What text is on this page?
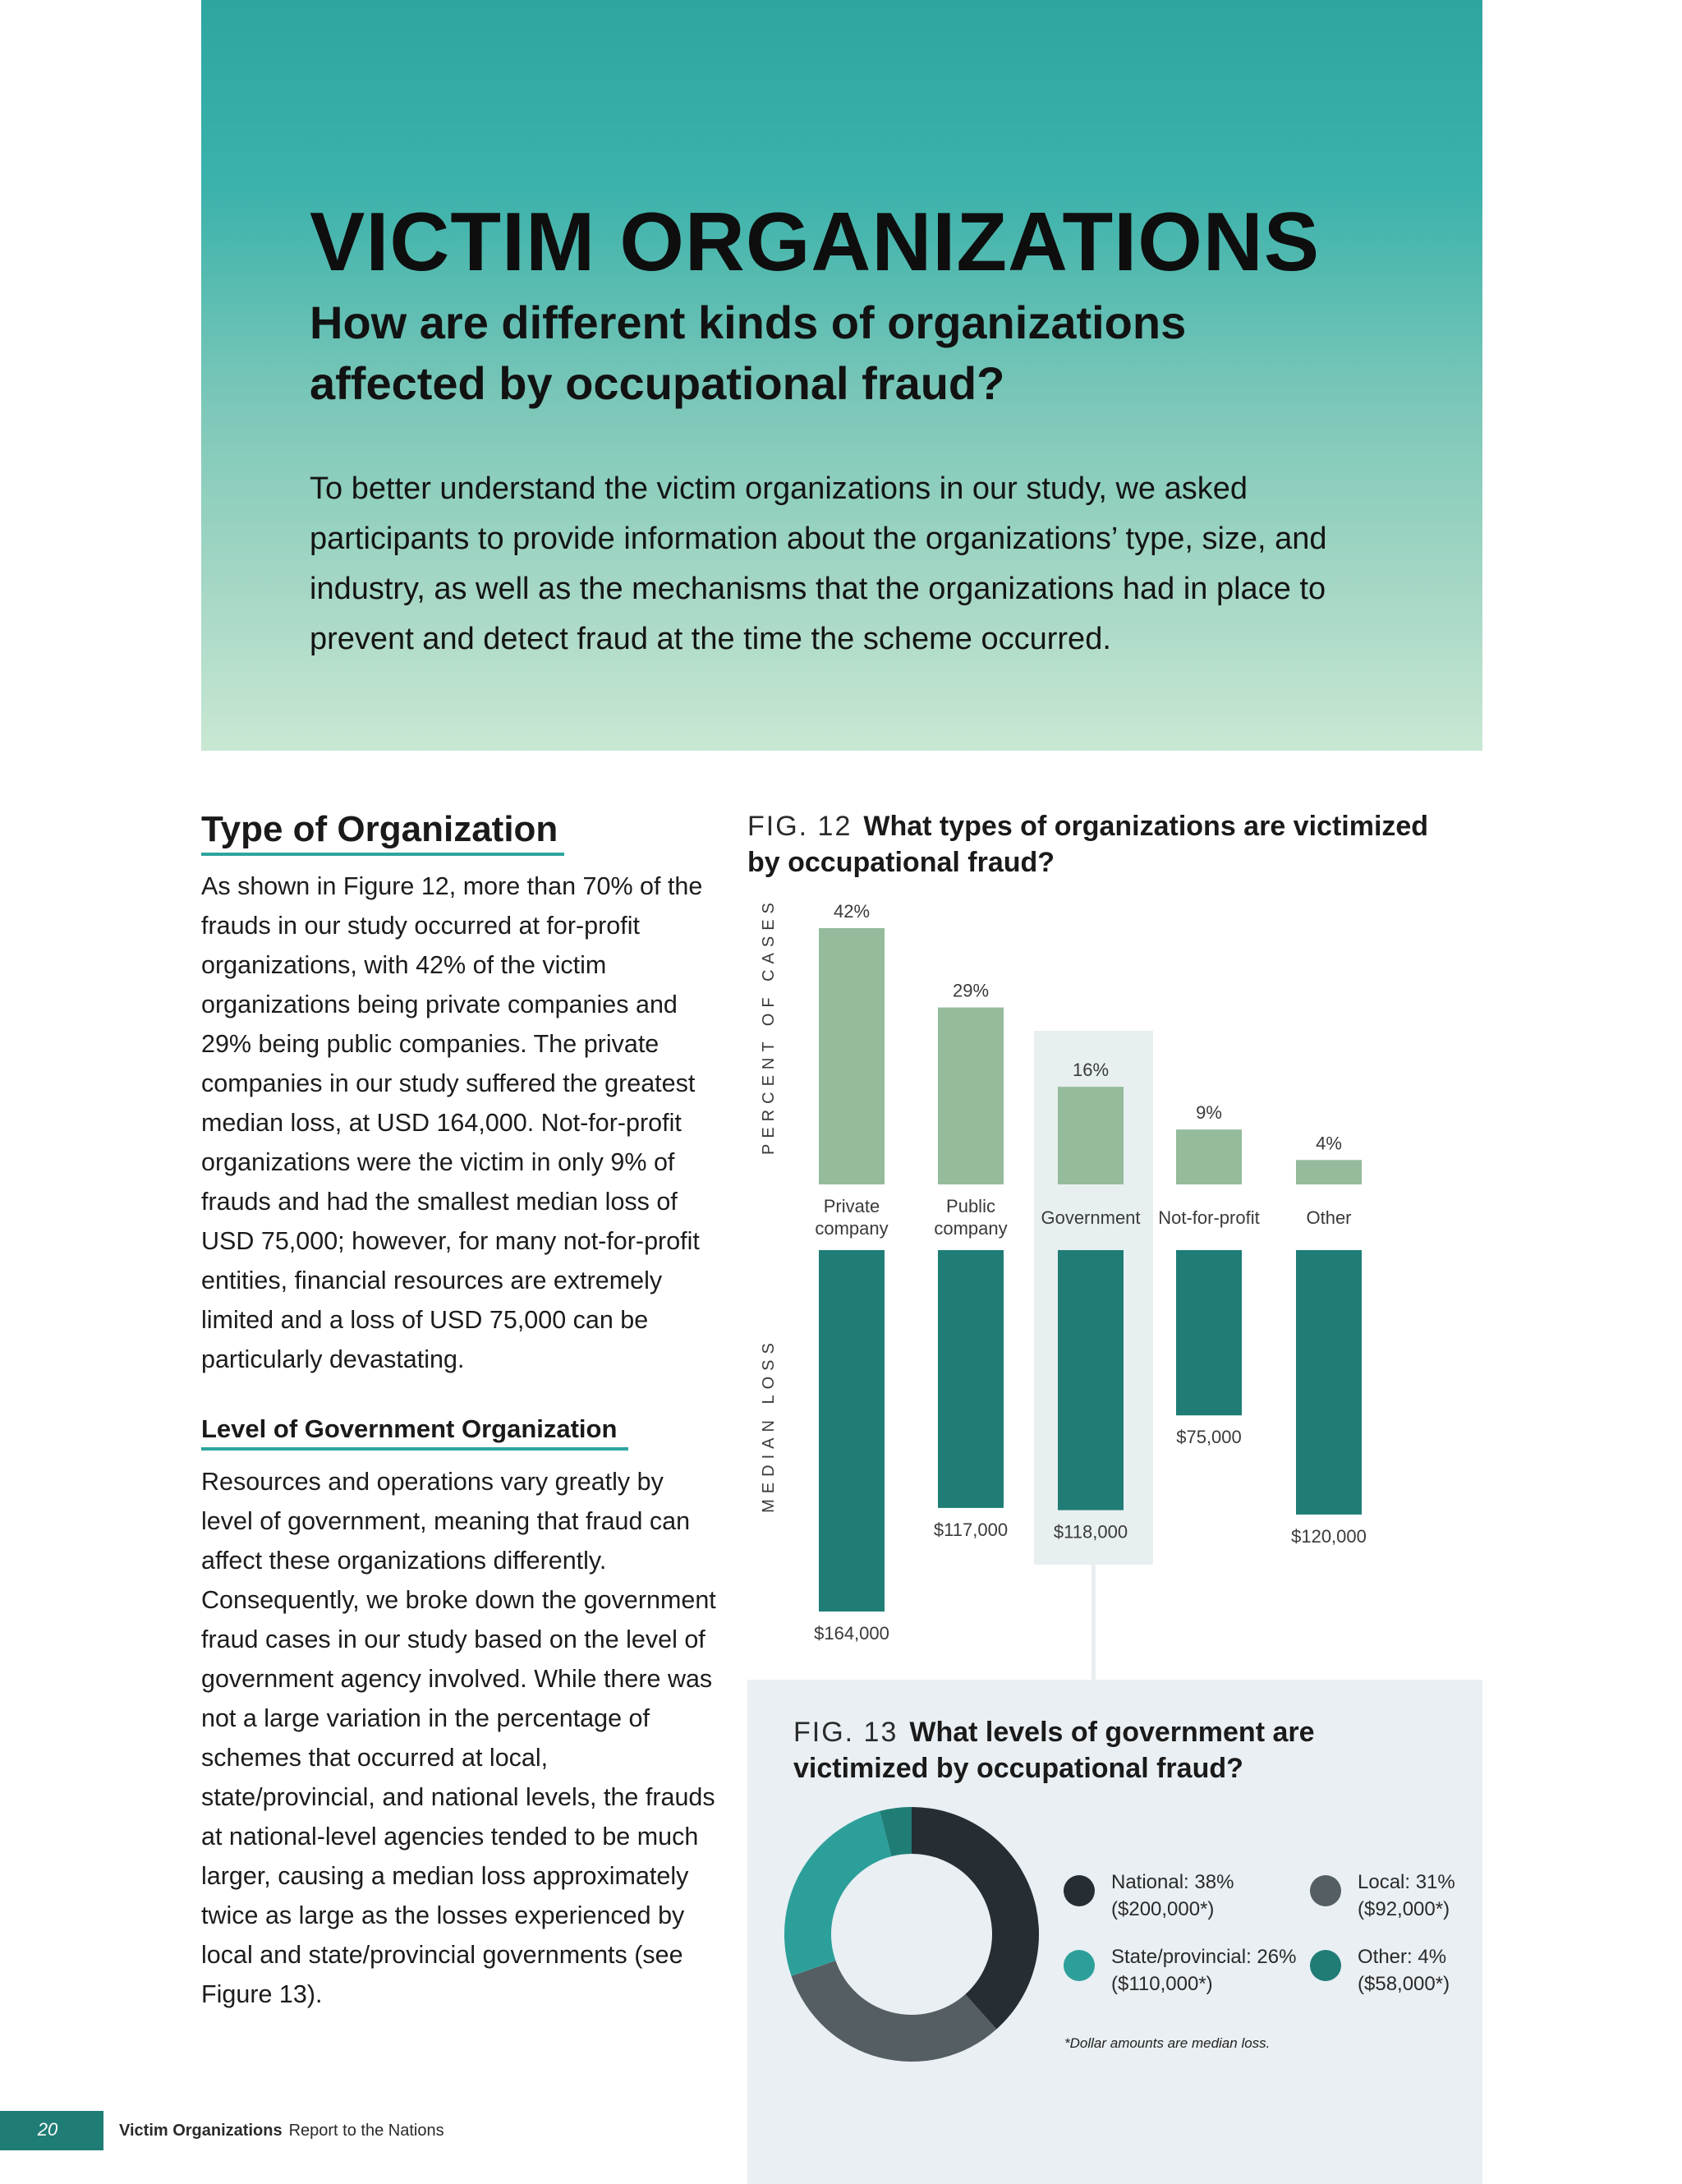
VICTIM ORGANIZATIONS
How are different kinds of organizations affected by occupational fraud?

To better understand the victim organizations in our study, we asked participants to provide information about the organizations’ type, size, and industry, as well as the mechanisms that the organizations had in place to prevent and detect fraud at the time the scheme occurred.

Type of Organization

As shown in Figure 12, more than 70% of the frauds in our study occurred at for-profit organizations, with 42% of the victim organizations being private companies and 29% being public companies. The private companies in our study suffered the greatest median loss, at USD 164,000. Not-for-profit organizations were the victim in only 9% of frauds and had the smallest median loss of USD 75,000; however, for many not-for-profit entities, financial resources are extremely limited and a loss of USD 75,000 can be particularly devastating.

Level of Government Organization

Resources and operations vary greatly by level of government, meaning that fraud can affect these organizations differently. Consequently, we broke down the government fraud cases in our study based on the level of government agency involved. While there was not a large variation in the percentage of schemes that occurred at local, state/provincial, and national levels, the frauds at national-level agencies tended to be much larger, causing a median loss approximately twice as large as the losses experienced by local and state/provincial governments (see Figure 13).

FIG. 12 What types of organizations are victimized by occupational fraud?
PERCENT OF CASES
MEDIAN LOSS
42%
Private
company
$164,000
29%
Public
company
$117,000
16%
Government
$118,000
9%
Not-for-profit
$75,000
4%
Other
$120,000
FIG. 13 What levels of government are victimized by occupational fraud?
National: 38%
($200,000*)
Local: 31%
($92,000*)
State/provincial: 26%
($110,000*)
Other: 4%
($58,000*)
*Dollar amounts are median loss.
20	Victim Organizations Report to the Nations
